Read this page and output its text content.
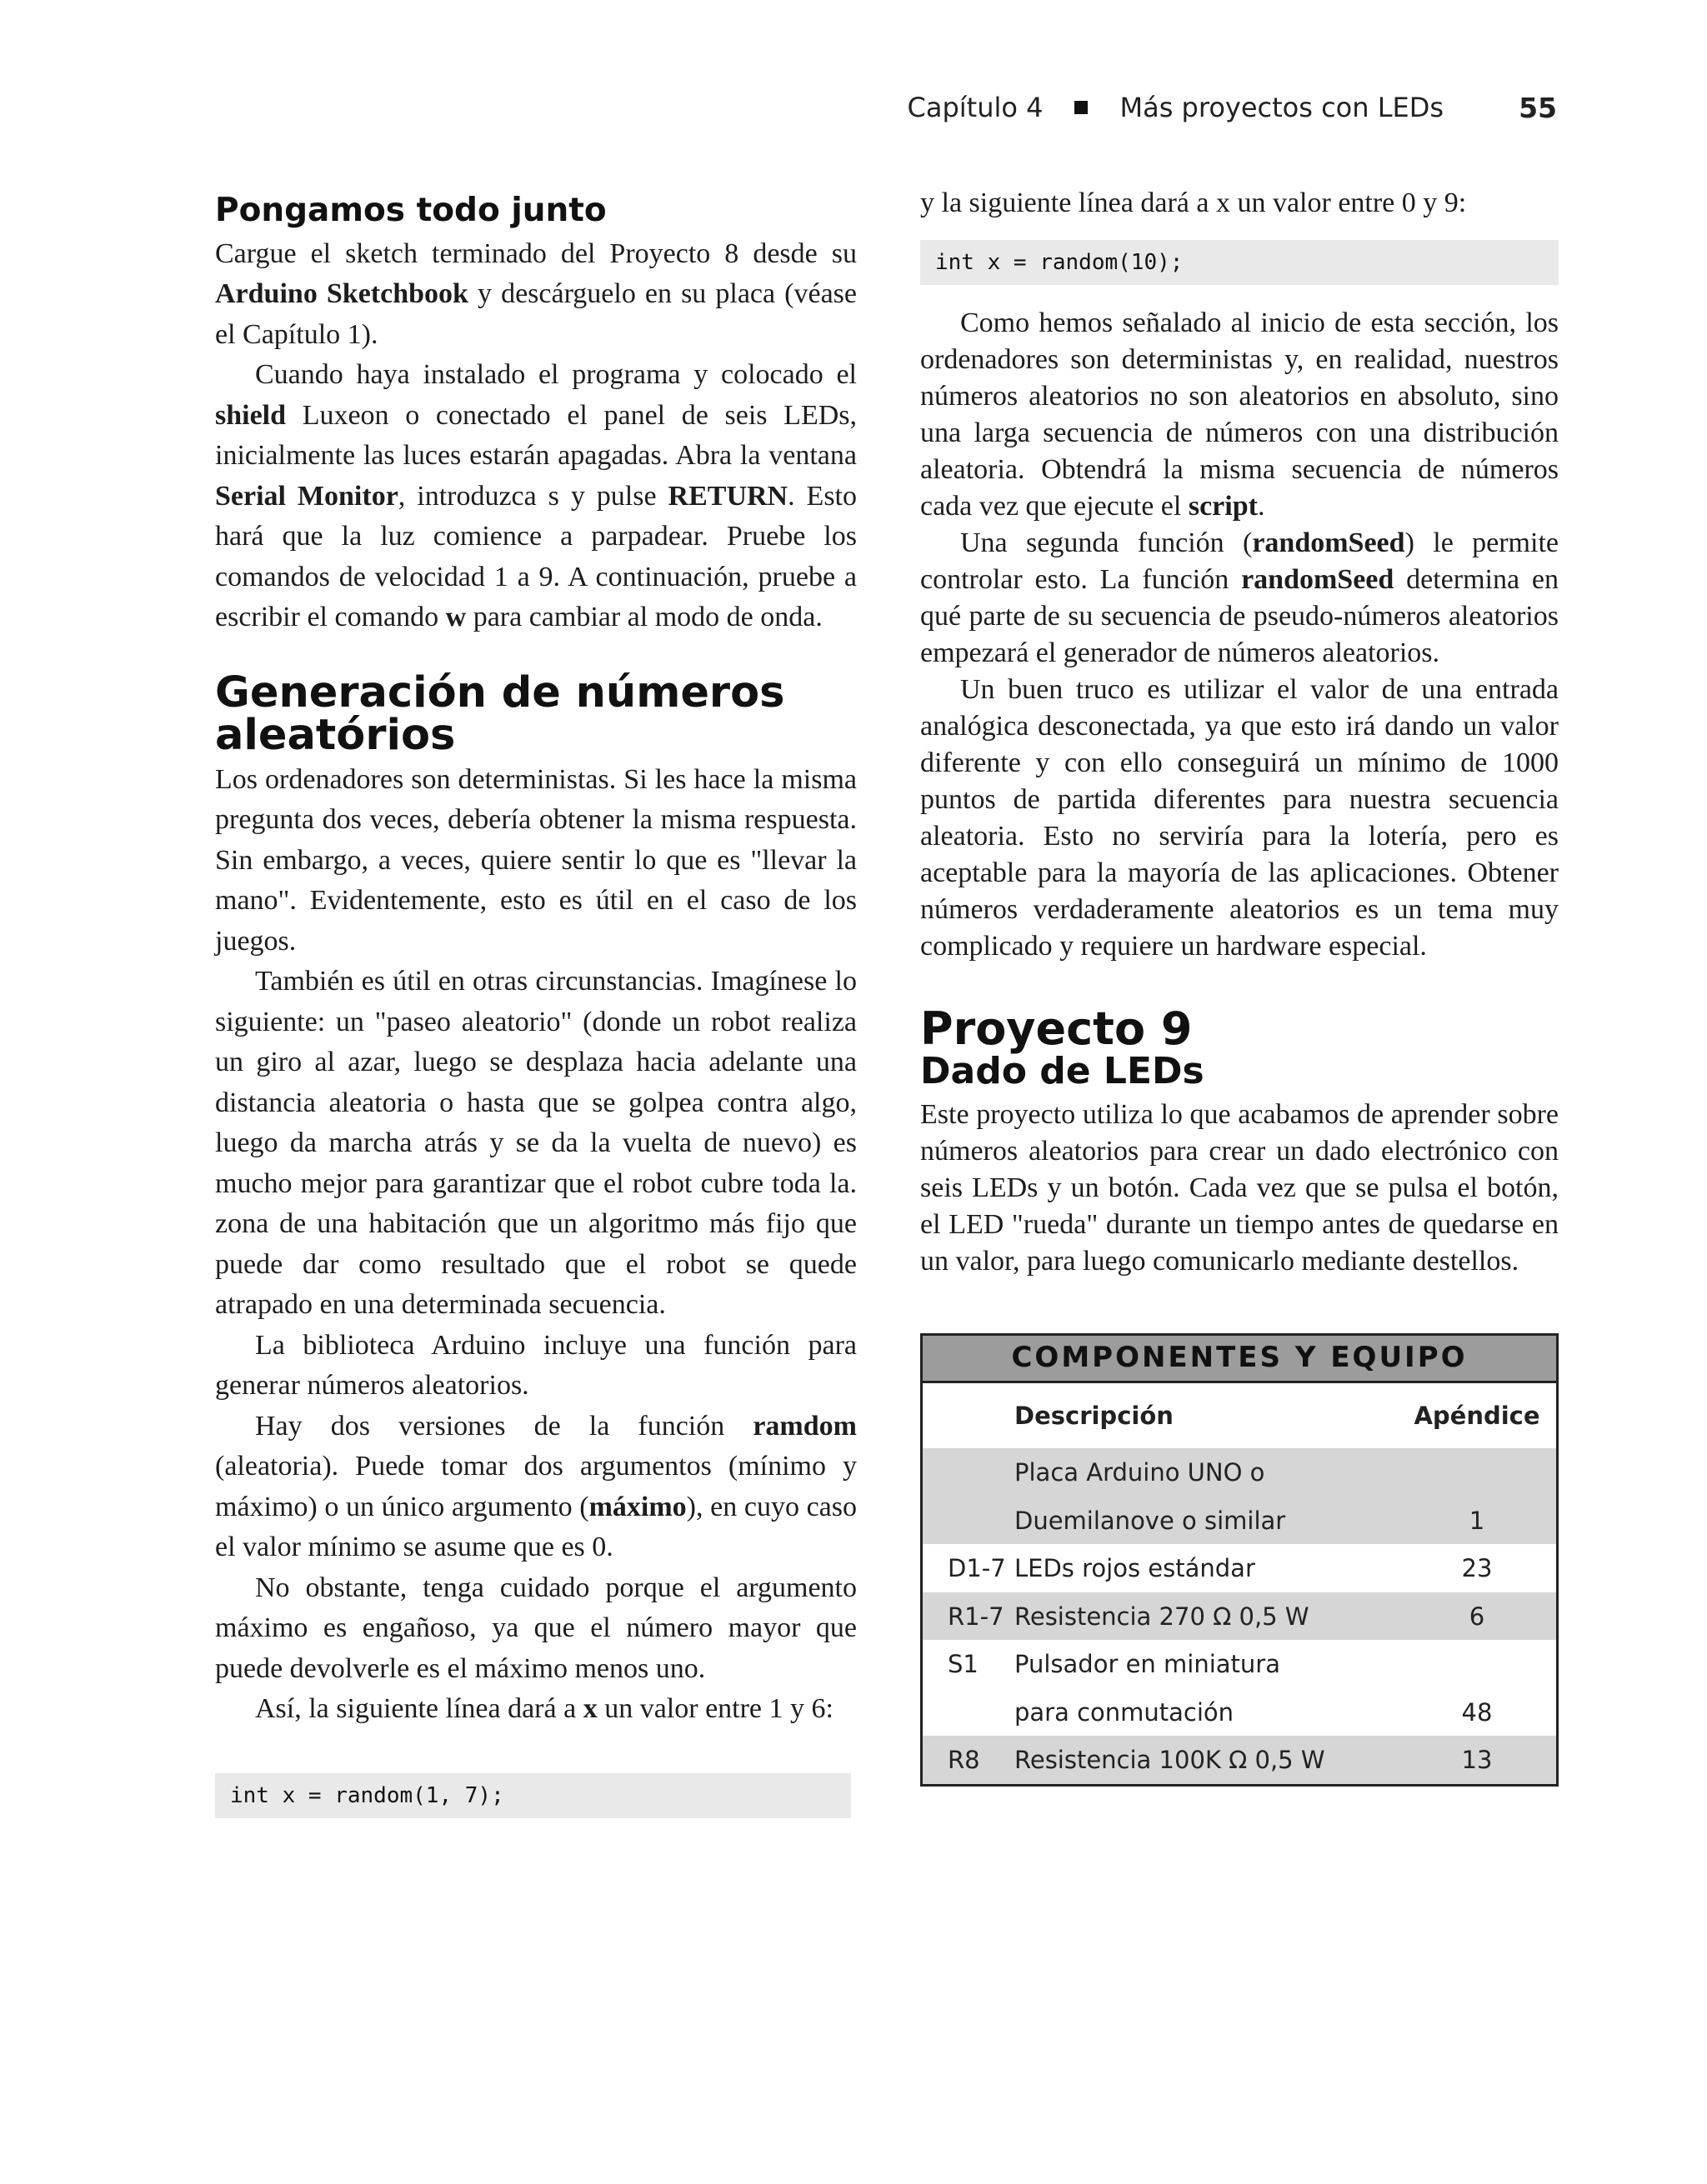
Capítulo 4	Más proyectos con LEDs	55
Pongamos todo junto

Cargue el sketch terminado del Proyecto 8 desde su Arduino Sketchbook y descárguelo en su placa (véase el Capítulo 1).

Cuando haya instalado el programa y colocado el shield Luxeon o conectado el panel de seis LEDs, inicialmente las luces estarán apagadas. Abra la ventana Serial Monitor, introduzca s y pulse RETURN. Esto hará que la luz comience a parpadear. Pruebe los comandos de velocidad 1 a 9. A continuación, pruebe a escribir el comando w para cambiar al modo de onda.

Generación de números aleatórios

Los ordenadores son deterministas. Si les hace la misma pregunta dos veces, debería obtener la misma respuesta. Sin embargo, a veces, quiere sentir lo que es "llevar la mano". Evidentemente, esto es útil en el caso de los juegos.

También es útil en otras circunstancias. Imagínese lo siguiente: un "paseo aleatorio" (donde un robot realiza un giro al azar, luego se desplaza hacia adelante una distancia aleatoria o hasta que se golpea contra algo, luego da marcha atrás y se da la vuelta de nuevo) es mucho mejor para garantizar que el robot cubre toda la. zona de una habitación que un algoritmo más fijo que puede dar como resultado que el robot se quede atrapado en una determinada secuencia.

La biblioteca Arduino incluye una función para generar números aleatorios.

Hay dos versiones de la función ramdom (aleatoria). Puede tomar dos argumentos (mínimo y máximo) o un único argumento (máximo), en cuyo caso el valor mínimo se asume que es 0.

No obstante, tenga cuidado porque el argumento máximo es engañoso, ya que el número mayor que puede devolverle es el máximo menos uno.

Así, la siguiente línea dará a x un valor entre 1 y 6:

int x = random(1, 7);

y la siguiente línea dará a x un valor entre 0 y 9:

int x = random(10);

Como hemos señalado al inicio de esta sección, los ordenadores son deterministas y, en realidad, nuestros números aleatorios no son aleatorios en absoluto, sino una larga secuencia de números con una distribución aleatoria. Obtendrá la misma secuencia de números cada vez que ejecute el script.

Una segunda función (randomSeed) le permite controlar esto. La función randomSeed determina en qué parte de su secuencia de pseudo-números aleatorios empezará el generador de números aleatorios.

Un buen truco es utilizar el valor de una entrada analógica desconectada, ya que esto irá dando un valor diferente y con ello conseguirá un mínimo de 1000 puntos de partida diferentes para nuestra secuencia aleatoria. Esto no serviría para la lotería, pero es aceptable para la mayoría de las aplicaciones. Obtener números verdaderamente aleatorios es un tema muy complicado y requiere un hardware especial.

Proyecto 9
Dado de LEDs

Este proyecto utiliza lo que acabamos de aprender sobre números aleatorios para crear un dado electrónico con seis LEDs y un botón. Cada vez que se pulsa el botón, el LED "rueda" durante un tiempo antes de quedarse en un valor, para luego comunicarlo mediante destellos.

COMPONENTES Y EQUIPO
	Descripción	Apéndice
	Placa Arduino UNO o	
	Duemilanove o similar	1
D1-7	LEDs rojos estándar	23
R1-7	Resistencia 270 Ω 0,5 W	6
S1	Pulsador en miniatura	
	para conmutación	48
R8	Resistencia 100K Ω 0,5 W	13
